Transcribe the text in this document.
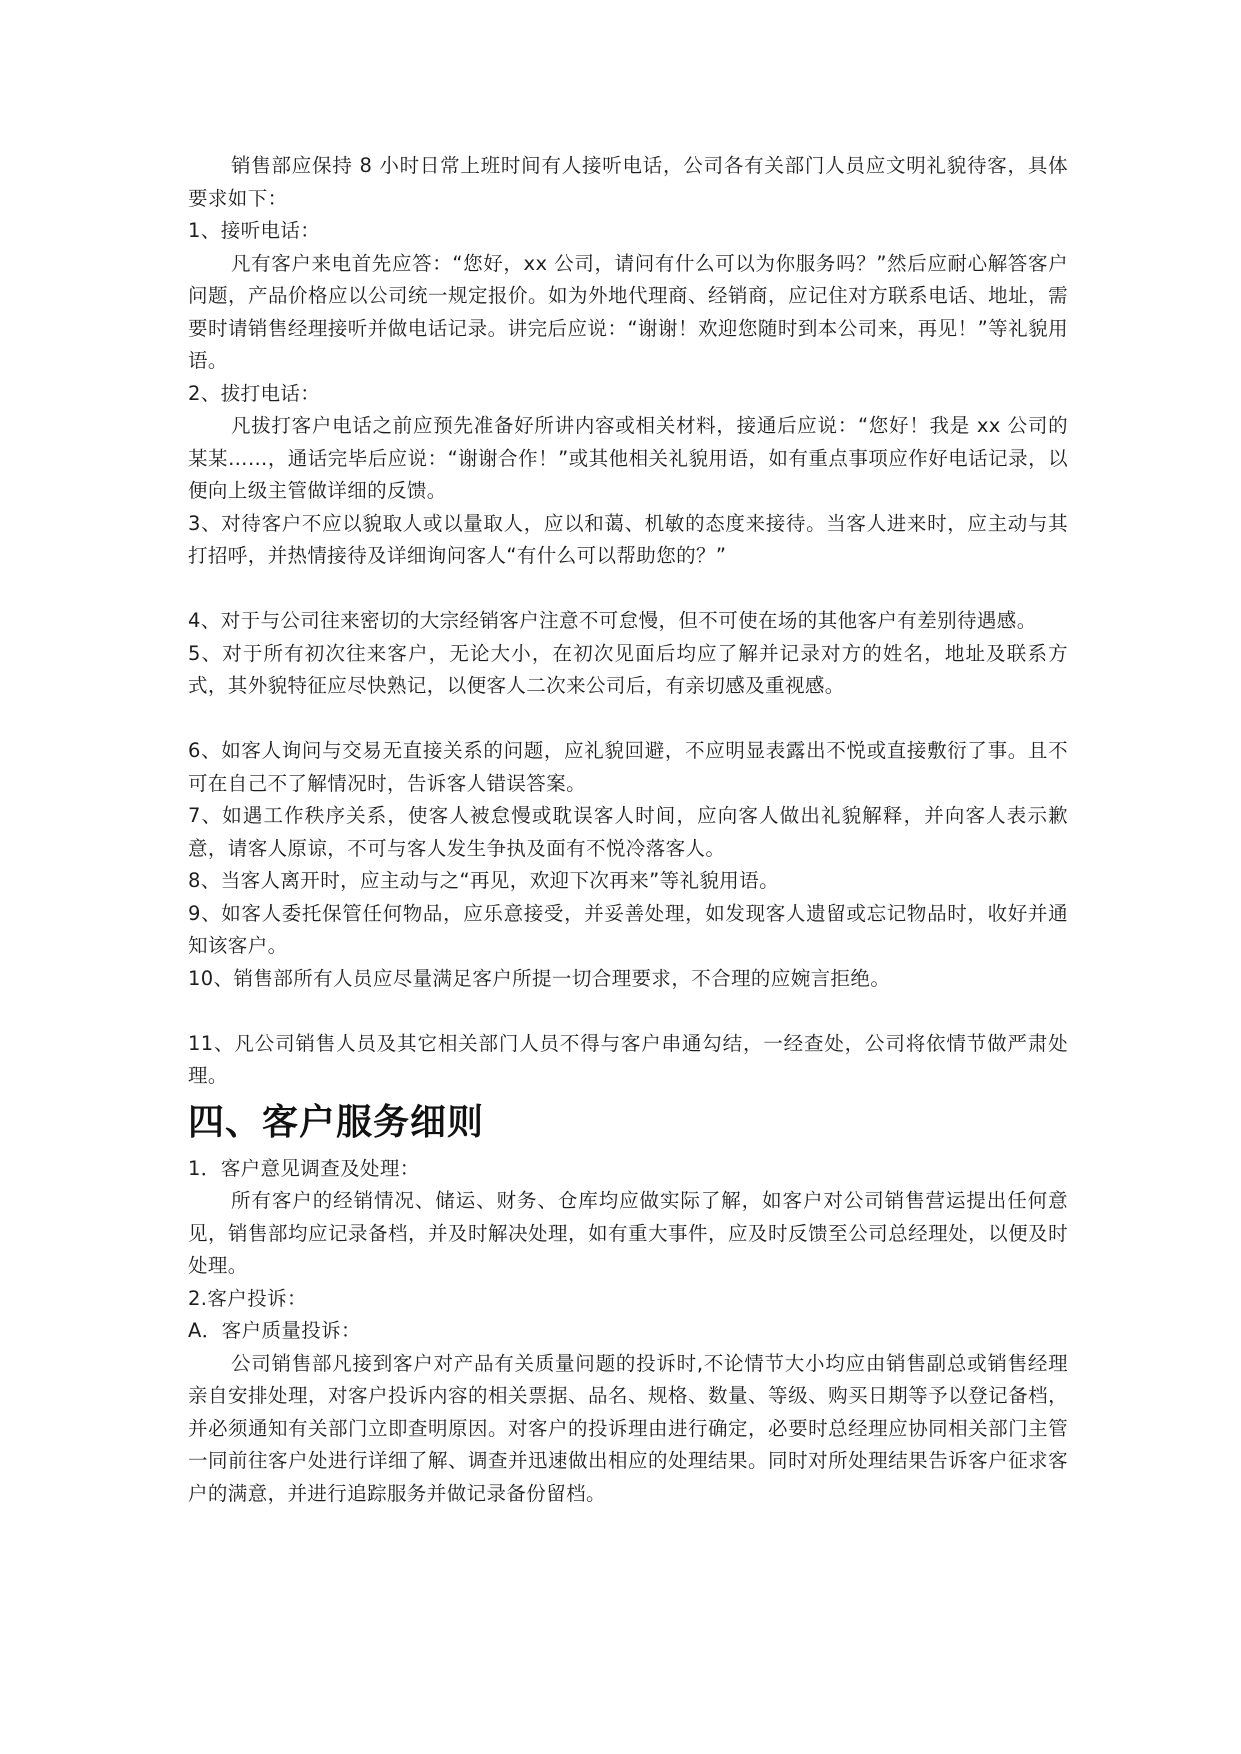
销售部应保持 8 小时日常上班时间有人接听电话，公司各有关部门人员应文明礼貌待客，具体要求如下：

1、接听电话：

凡有客户来电首先应答：“您好，xx 公司，请问有什么可以为你服务吗？”然后应耐心解答客户问题，产品价格应以公司统一规定报价。如为外地代理商、经销商，应记住对方联系电话、地址，需要时请销售经理接听并做电话记录。讲完后应说：“谢谢！欢迎您随时到本公司来，再见！”等礼貌用语。

2、拔打电话：

凡拔打客户电话之前应预先准备好所讲内容或相关材料，接通后应说：“您好！我是 xx 公司的某某……，通话完毕后应说：“谢谢合作！”或其他相关礼貌用语，如有重点事项应作好电话记录，以便向上级主管做详细的反馈。

3、对待客户不应以貌取人或以量取人，应以和蔼、机敏的态度来接待。当客人进来时，应主动与其打招呼，并热情接待及详细询问客人“有什么可以帮助您的？”

4、对于与公司往来密切的大宗经销客户注意不可怠慢，但不可使在场的其他客户有差别待遇感。

5、对于所有初次往来客户，无论大小，在初次见面后均应了解并记录对方的姓名，地址及联系方式，其外貌特征应尽快熟记，以便客人二次来公司后，有亲切感及重视感。

6、如客人询问与交易无直接关系的问题，应礼貌回避，不应明显表露出不悦或直接敷衍了事。且不可在自己不了解情况时，告诉客人错误答案。

7、如遇工作秩序关系，使客人被怠慢或耽误客人时间，应向客人做出礼貌解释，并向客人表示歉意，请客人原谅，不可与客人发生争执及面有不悦冷落客人。

8、当客人离开时，应主动与之“再见，欢迎下次再来”等礼貌用语。

9、如客人委托保管任何物品，应乐意接受，并妥善处理，如发现客人遗留或忘记物品时，收好并通知该客户。

10、销售部所有人员应尽量满足客户所提一切合理要求，不合理的应婉言拒绝。

11、凡公司销售人员及其它相关部门人员不得与客户串通勾结，一经查处，公司将依情节做严肃处理。

四、客户服务细则

1．客户意见调查及处理：

所有客户的经销情况、储运、财务、仓库均应做实际了解，如客户对公司销售营运提出任何意见，销售部均应记录备档，并及时解决处理，如有重大事件，应及时反馈至公司总经理处，以便及时处理。

2.客户投诉：

A．客户质量投诉：

公司销售部凡接到客户对产品有关质量问题的投诉时,不论情节大小均应由销售副总或销售经理亲自安排处理，对客户投诉内容的相关票据、品名、规格、数量、等级、购买日期等予以登记备档，并必须通知有关部门立即查明原因。对客户的投诉理由进行确定，必要时总经理应协同相关部门主管一同前往客户处进行详细了解、调查并迅速做出相应的处理结果。同时对所处理结果告诉客户征求客户的满意，并进行追踪服务并做记录备份留档。
